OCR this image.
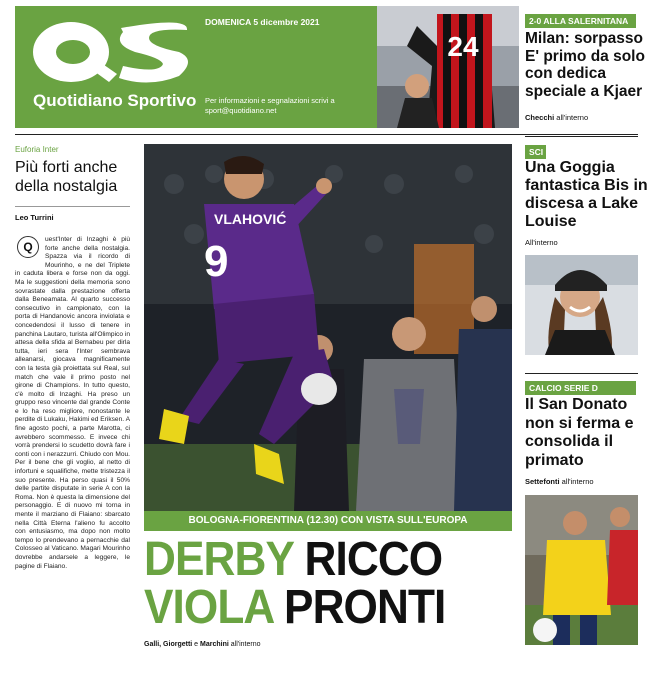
Quotidiano Sportivo
DOMENICA 5 dicembre 2021
Per informazioni e segnalazioni scrivi a
sport@quotidiano.net
24
2-0 ALLA SALERNITANA
Milan: sorpasso E' primo da solo con dedica speciale a Kjaer
Checchi all'interno
Euforia Inter
Più forti anche della nostalgia
Leo Turrini
uest'Inter di Inzaghi è più forte anche della nostalgia. Spazza via il ricordo di Mourinho, e ne del Triplete in caduta libera e forse non da oggi. Ma le suggestioni della memoria sono sovrastate dalla prestazione offerta dalla Beneamata. Al quarto successo consecutivo in campionato, con la porta di Handanovic ancora inviolata e concedendosi il lusso di tenere in panchina Lautaro, turista all'Olimpico in attesa della sfida al Bernabeu per dirla tutta, ieri sera l'Inter sembrava alleanarsi, giocava magnificamente con la testa già proiettata sul Real, sul match che vale il primo posto nel girone di Champions. In tutto questo, c'è molto di Inzaghi. Ha preso un gruppo reso vincente dal grande Conte e lo ha reso migliore, nonostante le perdite di Lukaku, Hakimi ed Eriksen. A fine agosto pochi, a parte Marotta, ci avrebbero scommesso. E invece chi vorrà prendersi lo scudetto dovrà fare i conti con i nerazzurri. Chiudo con Mou. Per il bene che gli voglio, al netto di infortuni e squalifiche, mette tristezza il suo presente. Ha perso quasi il 50% delle partite disputate in serie A con la Roma. Non è questa la dimensione del personaggio. E di nuovo mi torna in mente il marziano di Flaiano: sbarcato nella Città Eterna l'alieno fu accolto con entusiasmo, ma dopo non molto tempo lo prendevano a pernacchie dal Colosseo al Vaticano. Magari Mourinho dovrebbe andarsele a leggere, le pagine di Flaiano.
Q
VLAHOVIĆ
9
BOLOGNA-FIORENTINA (12.30) CON VISTA SULL'EUROPA
DERBY RICCO
VIOLA PRONTI
Galli, Giorgetti e Marchini all'interno
SCI
Una Goggia fantastica Bis in discesa a Lake Louise
All'interno
CALCIO SERIE D
Il San Donato non si ferma e consolida il primato
Settefonti all'interno
